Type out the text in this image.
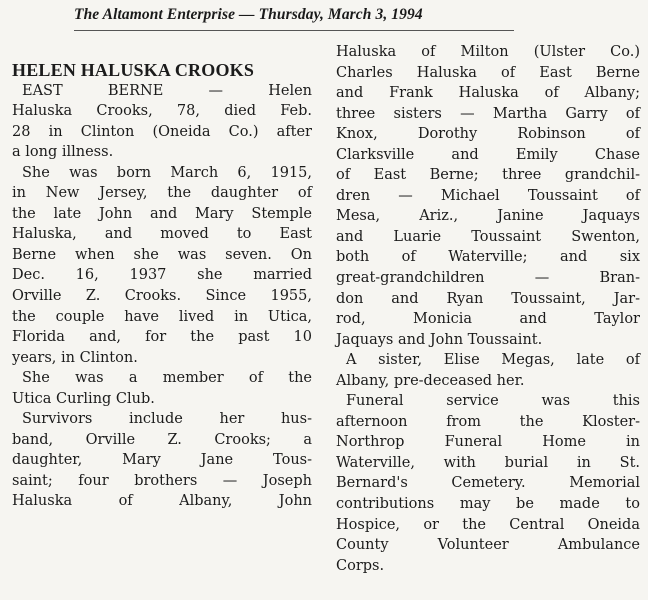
The Altamont Enterprise — Thursday, March 3, 1994
HELEN HALUSKA CROOKS
EAST BERNE — Helen
Haluska Crooks, 78, died Feb.
28 in Clinton (Oneida Co.) after
a long illness.
She was born March 6, 1915,
in New Jersey, the daughter of
the late John and Mary Stemple
Haluska, and moved to East
Berne when she was seven. On
Dec. 16, 1937 she married
Orville Z. Crooks. Since 1955,
the couple have lived in Utica,
Florida and, for the past 10
years, in Clinton.
She was a member of the
Utica Curling Club.
Survivors include her hus-
band, Orville Z. Crooks; a
daughter, Mary Jane Tous-
saint; four brothers — Joseph
Haluska of Albany, John
Haluska of Milton (Ulster Co.)
Charles Haluska of East Berne
and Frank Haluska of Albany;
three sisters — Martha Garry of
Knox, Dorothy Robinson of
Clarksville and Emily Chase
of East Berne; three grandchil-
dren — Michael Toussaint of
Mesa, Ariz., Janine Jaquays
and Luarie Toussaint Swenton,
both of Waterville; and six
great-grandchildren — Bran-
don and Ryan Toussaint, Jar-
rod, Monicia and Taylor
Jaquays and John Toussaint.
A sister, Elise Megas, late of
Albany, pre-deceased her.
Funeral service was this
afternoon from the Kloster-
Northrop Funeral Home in
Waterville, with burial in St.
Bernard's Cemetery. Memorial
contributions may be made to
Hospice, or the Central Oneida
County Volunteer Ambulance
Corps.
